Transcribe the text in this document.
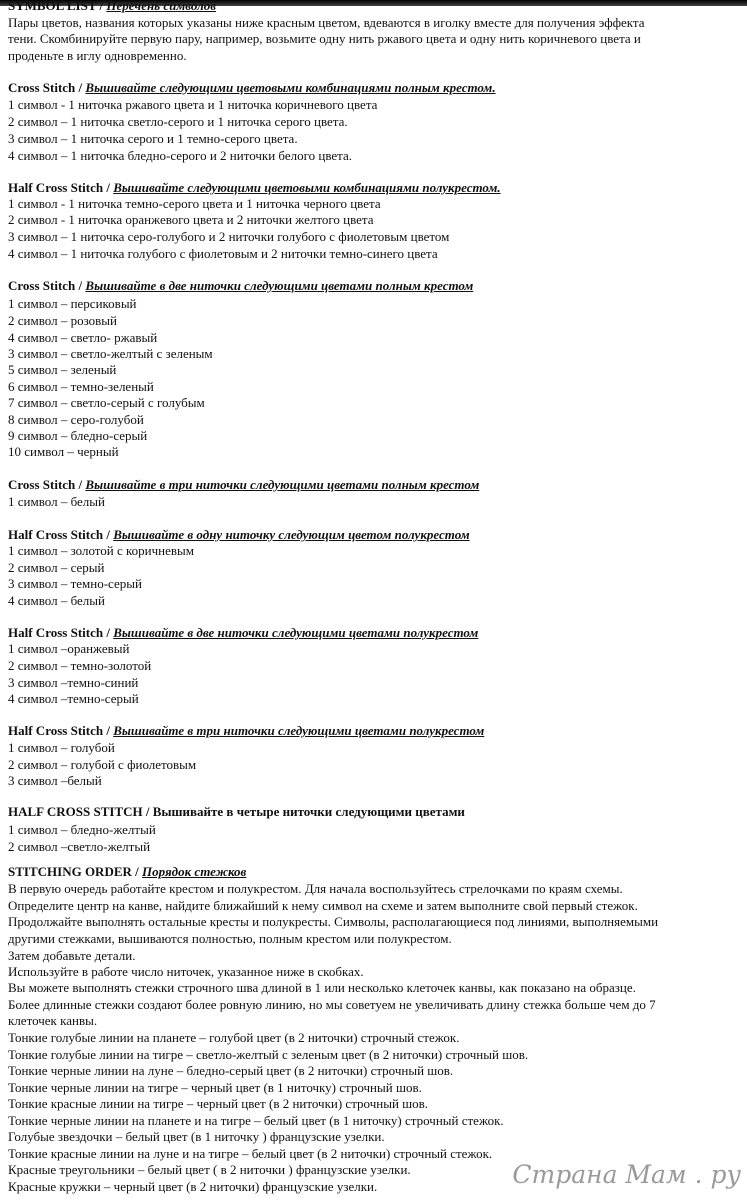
SYMBOL LIST / Перечень символов
Пары цветов, названия которых указаны ниже красным цветом, вдеваются в иголку вместе для получения эффекта
тени. Скомбинируйте первую пару, например, возьмите одну нить ржавого цвета и одну нить коричневого цвета и
проденьте в иглу одновременно.
Cross Stitch / Вышивайте следующими цветовыми комбинациями полным крестом.
1 символ - 1 ниточка ржавого цвета и 1 ниточка коричневого цвета
2 символ – 1 ниточка светло-серого и 1 ниточка серого цвета.
3 символ – 1 ниточка серого и 1 темно-серого цвета.
4 символ – 1 ниточка бледно-серого и 2 ниточки белого цвета.
Half Cross Stitch / Вышивайте следующими цветовыми комбинациями полукрестом.
1 символ - 1 ниточка темно-серого цвета и 1 ниточка черного цвета
2 символ - 1 ниточка оранжевого цвета и 2 ниточки желтого цвета
3 символ – 1 ниточка серо-голубого и 2 ниточки голубого с фиолетовым цветом
4 символ – 1 ниточка голубого с фиолетовым и 2 ниточки темно-синего цвета
Cross Stitch / Вышивайте в две ниточки следующими цветами полным крестом
1 символ – персиковый
2 символ – розовый
4 символ – светло- ржавый
3 символ – светло-желтый с зеленым
5 символ – зеленый
6 символ – темно-зеленый
7 символ – светло-серый с голубым
8 символ – серо-голубой
9 символ – бледно-серый
10 символ – черный
Cross Stitch / Вышивайте в три ниточки следующими цветами полным крестом
1 символ – белый
Half Cross Stitch / Вышивайте в одну ниточку следующим цветом полукрестом
1 символ – золотой с коричневым
2 символ – серый
3 символ – темно-серый
4 символ – белый
Half Cross Stitch / Вышивайте в две ниточки следующими цветами полукрестом
1 символ –оранжевый
2 символ – темно-золотой
3 символ –темно-синий
4 символ –темно-серый
Half Cross Stitch / Вышивайте в три ниточки следующими цветами полукрестом
1 символ – голубой
2 символ – голубой с фиолетовым
3 символ –белый
HALF CROSS STITCH / Вышивайте в четыре ниточки следующими цветами
1 символ – бледно-желтый
2 символ –светло-желтый
STITCHING ORDER / Порядок стежков
В первую очередь работайте крестом и полукрестом. Для начала воспользуйтесь стрелочками по краям схемы.
Определите центр на канве, найдите ближайший к нему символ на схеме и затем выполните свой первый стежок.
Продолжайте выполнять остальные кресты и полукресты. Символы, располагающиеся под линиями, выполняемыми
другими стежками, вышиваются полностью, полным крестом или полукрестом.
Затем добавьте детали.
Используйте в работе число ниточек, указанное ниже в скобках.
Вы можете выполнять стежки строчного шва длиной в 1 или несколько клеточек канвы, как показано на образце.
Более длинные стежки создают более ровную линию, но мы советуем не увеличивать длину стежка больше чем до 7
клеточек канвы.
Тонкие голубые линии на планете – голубой цвет (в 2 ниточки) строчный стежок.
Тонкие голубые линии на тигре – светло-желтый с зеленым цвет (в 2 ниточки) строчный шов.
Тонкие черные линии на луне – бледно-серый цвет (в 2 ниточки) строчный шов.
Тонкие черные линии на тигре – черный цвет (в 1 ниточку) строчный шов.
Тонкие красные линии на тигре – черный цвет (в 2 ниточки) строчный шов.
Тонкие черные линии на планете и на тигре – белый цвет (в 1 ниточку) строчный стежок.
Голубые звездочки – белый цвет (в 1 ниточку ) французские узелки.
Тонкие красные линии на луне и на тигре – белый цвет (в 2 ниточки) строчный стежок.
Красные треугольники – белый цвет ( в 2 ниточки ) французские узелки.
Красные кружки – черный цвет (в 2 ниточки) французские узелки.	Страна Мам . ру
